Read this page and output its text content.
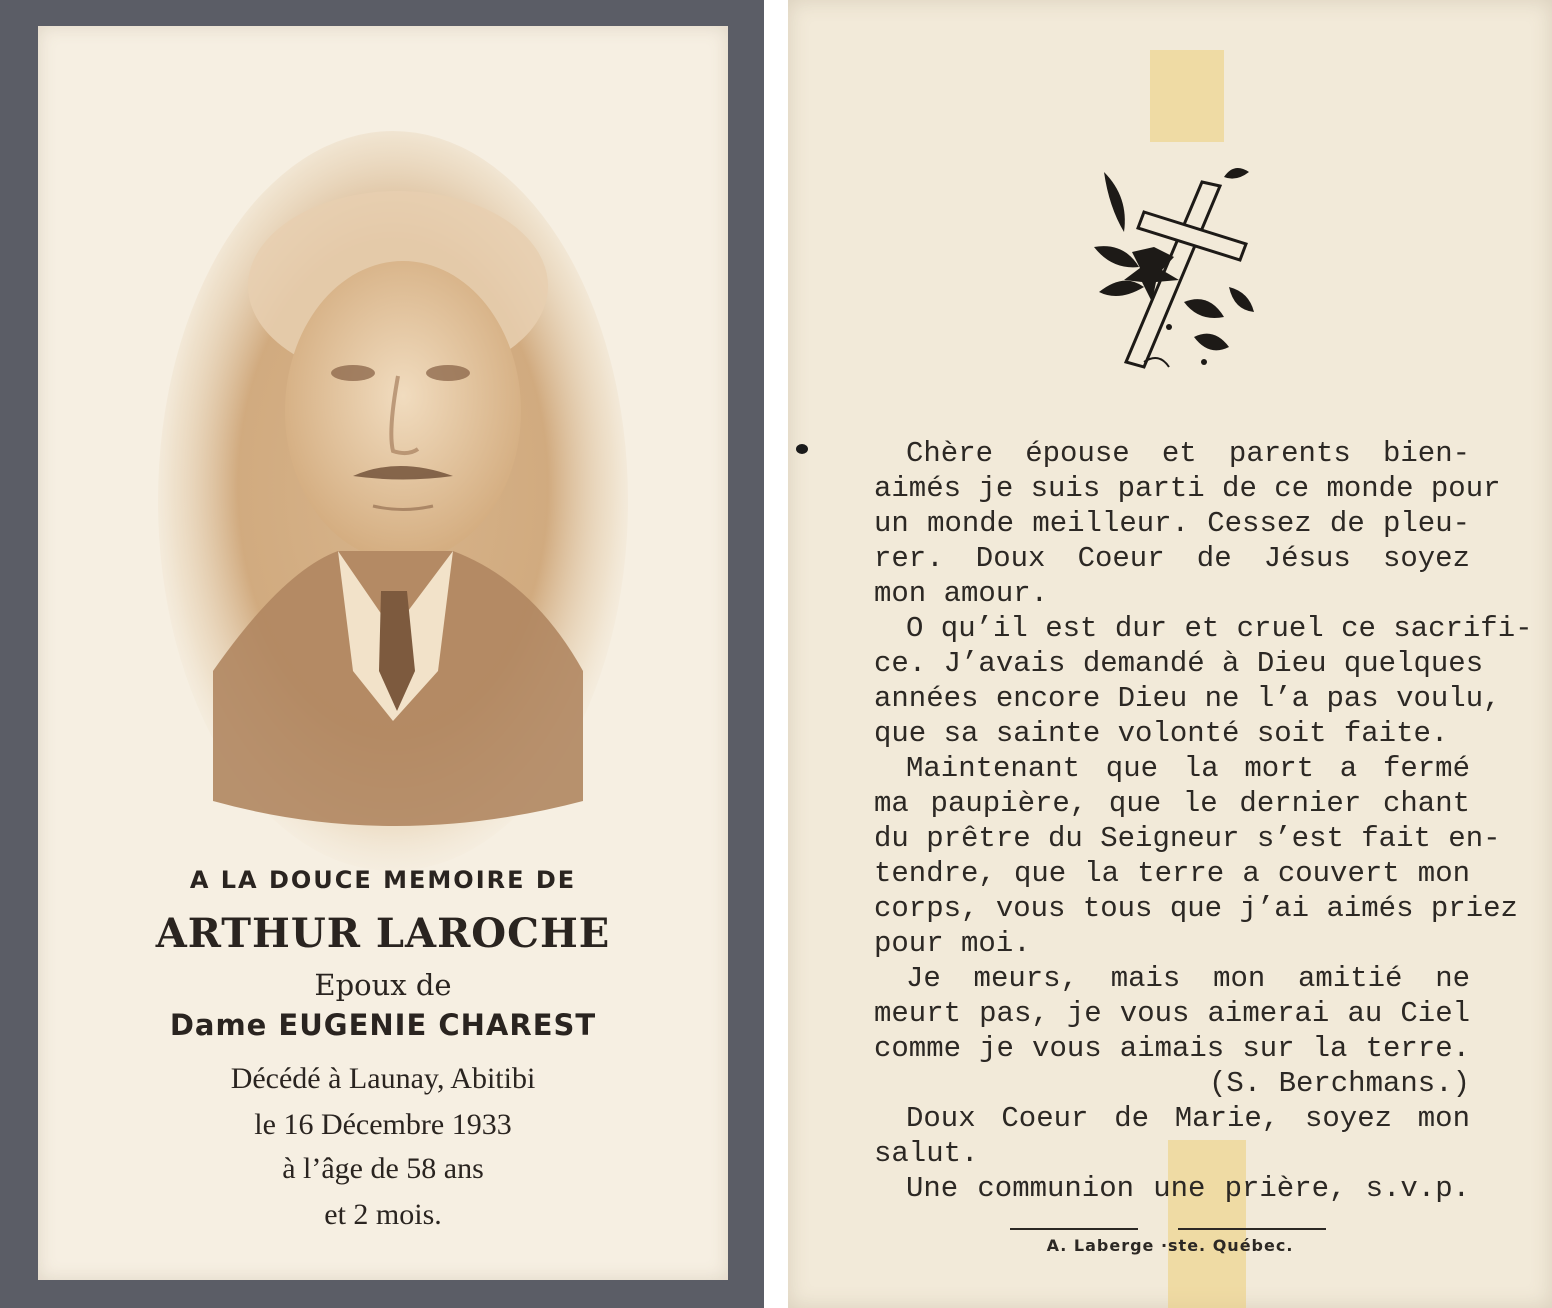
A LA DOUCE MEMOIRE DE
ARTHUR LAROCHE
Epoux de
Dame EUGENIE CHAREST
Décédé à Launay, Abitibi
le 16 Décembre 1933
à l’âge de 58 ans
et 2 mois.
Chère épouse et parents bien-
aimés je suis parti de ce monde pour
un monde meilleur. Cessez de pleu-
rer. Doux Coeur de Jésus soyez
mon amour.
O qu’il est dur et cruel ce sacrifi-
ce. J’avais demandé à Dieu quelques
années encore Dieu ne l’a pas voulu,
que sa sainte volonté soit faite.
Maintenant que la mort a fermé
ma paupière, que le dernier chant
du prêtre du Seigneur s’est fait en-
tendre, que la terre a couvert mon
corps, vous tous que j’ai aimés priez
pour moi.
Je meurs, mais mon amitié ne
meurt pas, je vous aimerai au Ciel
comme je vous aimais sur la terre.
(S. Berchmans.)
Doux Coeur de Marie, soyez mon
salut.
Une communion une prière, s.v.p.
A. Laberge ·ste. Québec.
